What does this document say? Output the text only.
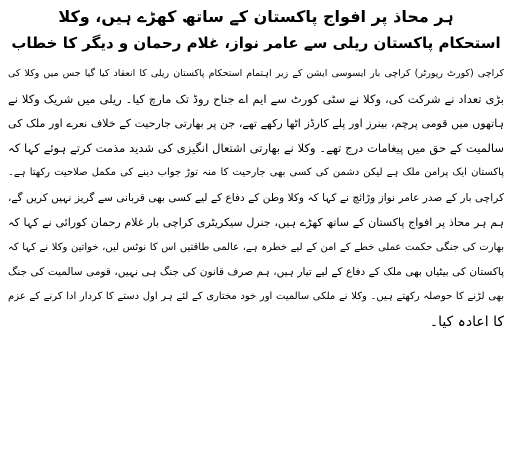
ہر محاذ پر افواج پاکستان کے ساتھ کھڑے ہیں، وکلا
استحکام پاکستان ریلی سے عامر نواز، غلام رحمان و دیگر کا خطاب
کراچی (کورٹ رپورٹر) کراچی بار ایسوسی ایشن کے زیر اہتمام استحکام پاکستان ریلی کا انعقاد کیا گیا جس میں وکلا کی
بڑی تعداد نے شرکت کی، وکلا نے سٹی کورٹ سے ایم اے جناح روڈ تک مارچ کیا۔ ریلی میں شریک وکلا نے
ہاتھوں میں قومی پرچم، بینرز اور پلے کارڈز اٹھا رکھے تھے، جن پر بھارتی جارحیت کے خلاف نعرے اور ملک کی
سالمیت کے حق میں پیغامات درج تھے۔ وکلا نے بھارتی اشتعال انگیزی کی شدید مذمت کرتے ہوئے کہا کہ
پاکستان ایک پرامن ملک ہے لیکن دشمن کی کسی بھی جارحیت کا منہ توڑ جواب دینے کی مکمل صلاحیت رکھتا ہے۔
کراچی بار کے صدر عامر نواز وڑائچ نے کہا کہ وکلا وطن کے دفاع کے لیے کسی بھی قربانی سے گریز نہیں کریں گے،
ہم ہر محاذ پر افواج پاکستان کے ساتھ کھڑے ہیں، جنرل سیکریٹری کراچی بار غلام رحمان کورائی نے کہا کہ
بھارت کی جنگی حکمت عملی خطے کے امن کے لیے خطرہ ہے، عالمی طاقتیں اس کا نوٹس لیں، خواتین وکلا نے کہا کہ
پاکستان کی بیٹیاں بھی ملک کے دفاع کے لیے تیار ہیں، ہم صرف قانون کی جنگ ہی نہیں، قومی سالمیت کی جنگ
بھی لڑنے کا حوصلہ رکھتے ہیں۔ وکلا نے ملکی سالمیت اور خود مختاری کے لئے ہر اول دستے کا کردار ادا کرنے کے عزم
کا اعادہ کیا۔
